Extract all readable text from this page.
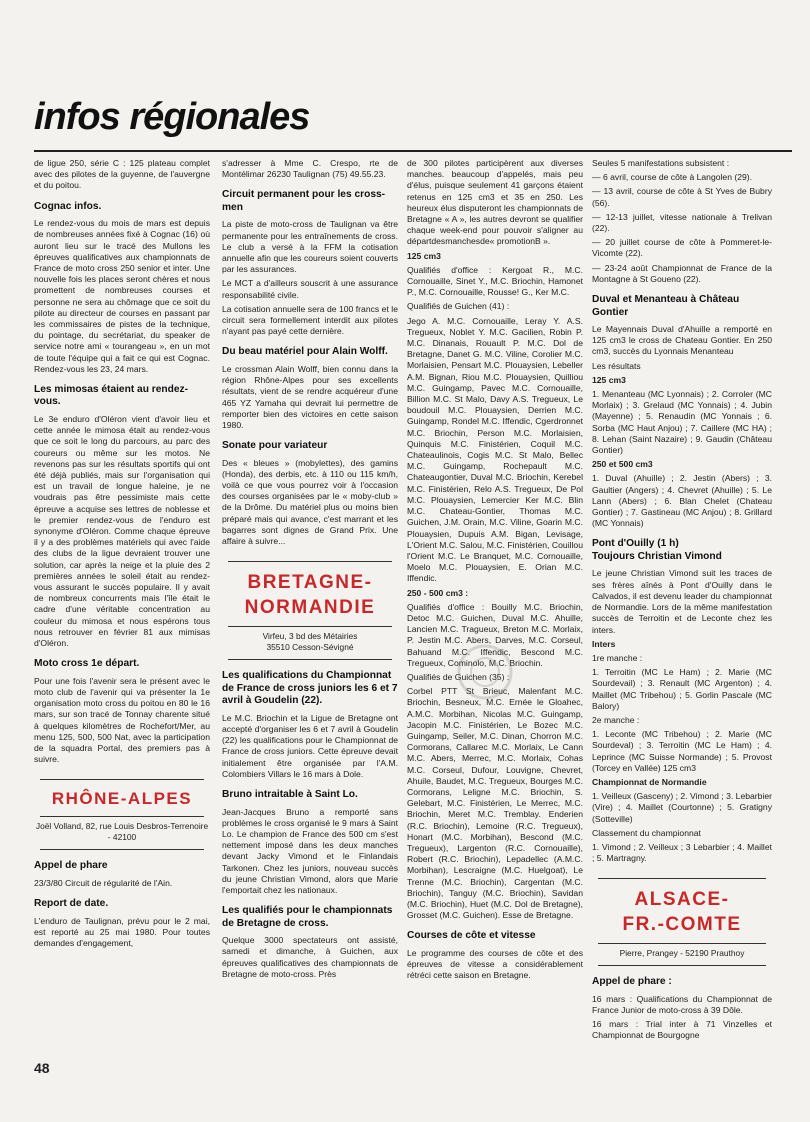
infos régionales

de ligue 250, série C : 125 plateau complet avec des pilotes de la guyenne, de l'auvergne et du poitou.

Cognac infos.

Le rendez-vous du mois de mars est depuis de nombreuses années fixé à Cognac (16) où auront lieu sur le tracé des Mullons les épreuves qualificatives aux championnats de France de moto cross 250 senior et inter. Une nouvelle fois les places seront chères et nous promettent de nombreuses courses et personne ne sera au chômage que ce soit du pilote au directeur de courses en passant par les commissaires de pistes de la technique, du pointage, du secrétariat, du speaker de service notre ami « tourangeau », en un mot de toute l'équipe qui a fait ce qui est Cognac. Rendez-vous les 23, 24 mars.

Les mimosas étaient au rendez-vous.

Le 3e enduro d'Oléron vient d'avoir lieu et cette année le mimosa était au rendez-vous que ce soit le long du parcours, au parc des coureurs ou même sur les motos. Ne revenons pas sur les résultats sportifs qui ont été déjà publiés, mais sur l'organisation qui est un travail de longue haleine, je ne voudrais pas être pessimiste mais cette épreuve a acquise ses lettres de noblesse et le premier rendez-vous de l'enduro est synonyme d'Oléron. Comme chaque épreuve il y a des problèmes matériels qui avec l'aide des clubs de la ligue devraient trouver une solution, car après la neige et la pluie des 2 premières années le soleil était au rendez-vous assurant le succès populaire. Il y avait de nombreux concurrents mais l'île était le cadre d'une véritable concentration au couleur du mimosa et nous espérons tous nous retrouver en février 81 aux mimisas d'Oléron.

Moto cross 1e départ.

Pour une fois l'avenir sera le présent avec le moto club de l'avenir qui va présenter la 1e organisation moto cross du poitou en 80 le 16 mars, sur son tracé de Tonnay charente situé à quelques kilomètres de Rochefort/Mer, au menu 125, 500, 500 Nat, avec la participation de la squadra Portal, des premiers pas à suivre.

RHÔNE-ALPES
Joël Volland, 82, rue Louis Desbros-Terrenoire - 42100
Appel de phare

23/3/80 Circuit de régularité de l'Ain.

Report de date.

L'enduro de Taulignan, prévu pour le 2 mai, est reporté au 25 mai 1980. Pour toutes demandes d'engagement,

s'adresser à Mme C. Crespo, rte de Montélimar 26230 Taulignan (75) 49.55.23.

Circuit permanent pour les cross-men

La piste de moto-cross de Taulignan va être permanente pour les entraînements de cross. Le club a versé à la FFM la cotisation annuelle afin que les coureurs soient couverts par les assurances.

Le MCT a d'ailleurs souscrit à une assurance responsabilité civile.

La cotisation annuelle sera de 100 francs et le circuit sera formellement interdit aux pilotes n'ayant pas payé cette dernière.

Du beau matériel pour Alain Wolff.

Le crossman Alain Wolff, bien connu dans la région Rhône-Alpes pour ses excellents résultats, vient de se rendre acquéreur d'une 465 YZ Yamaha qui devrait lui permettre de remporter bien des victoires en cette saison 1980.

Sonate pour variateur

Des « bleues » (mobylettes), des gamins (Honda), des derbis, etc. à 110 ou 115 km/h, voilà ce que vous pourrez voir à l'occasion des courses organisées par le « moby-club » de la Drôme. Du matériel plus ou moins bien préparé mais qui avance, c'est marrant et les bagarres sont dignes de Grand Prix. Une affaire à suivre...

BRETAGNE-
NORMANDIE
Virfeu, 3 bd des Métairies
35510 Cesson-Sévigné
Les qualifications du Championnat de France de cross juniors les 6 et 7 avril à Goudelin (22).

Le M.C. Briochin et la Ligue de Bretagne ont accepté d'organiser les 6 et 7 avril à Goudelin (22) les qualifications pour le Championnat de France de cross juniors. Cette épreuve devait initialement être organisée par l'A.M. Colombiers Villars le 16 mars à Dole.

Bruno intraitable à Saint Lo.

Jean-Jacques Bruno a remporté sans problèmes le cross organisé le 9 mars à Saint Lo. Le champion de France des 500 cm s'est nettement imposé dans les deux manches devant Jacky Vimond et le Finlandais Tarkonen. Chez les juniors, nouveau succès du jeune Christian Vimond, alors que Marie l'emportait chez les nationaux.

Les qualifiés pour le championnats de Bretagne de cross.

Quelque 3000 spectateurs ont assisté, samedi et dimanche, à Guichen, aux épreuves qualificatives des championnats de Bretagne de moto-cross. Près

de 300 pilotes participèrent aux diverses manches. beaucoup d'appelés, mais peu d'élus, puisque seulement 41 garçons étaient retenus en 125 cm3 et 35 en 250. Les heureux élus disputeront les championnats de Bretagne « A », les autres devront se qualifier chaque week-end pour pouvoir s'aligner au départdesmanchesde« promotionB ».

125 cm3

Qualifiés d'office : Kergoat R., M.C. Cornouaille, Sinet Y., M.C. Briochin, Hamonet P., M.C. Cornouaille, Rousse! G., Ker M.C.

Qualifiés de Guichen (41) :

Jego A. M.C. Cornouaille, Leray Y. A.S. Tregueux, Noblet Y. M.C. Gacilien, Robin P. M.C. Dinanais, Rouault P. M.C. Dol de Bretagne, Danet G. M.C. Viline, Corolier M.C. Morlaisien, Pensart M.C. Plouaysien, Lebeller A.M. Bignan, Riou M.C. Plouaysien, Quilliou M.C. Guingamp, Pavec M.C. Cornouaille, Billion M.C. St Malo, Davy A.S. Tregueux, Le boudouil M.C. Plouaysien, Derrien M.C. Guingamp, Rondel M.C. Iffendic, Cgerdronnet M.C. Briochin, Person M.C. Morlaisien, Quinquis M.C. Finistérien, Coquil M.C. Chateaulinois, Cogis M.C. St Malo, Bellec M.C. Guingamp, Rochepault M.C. Chateaugontier, Duval M.C. Briochin, Kerebel M.C. Finistérien, Relo A.S. Tregueux, De Pol M.C. Plouaysien, Lemercier Ker M.C. Blin M.C. Chateau-Gontier, Thomas M.C. Guichen, J.M. Orain, M.C. Viline, Goarin M.C. Plouaysien, Dupuis A.M. Bigan, Levisage, L'Orient M.C. Salou, M.C. Finistérien, Couillou l'Orient M.C. Le Branquet, M.C. Cornouaille, Moelo M.C. Plouaysien, E. Orian M.C. Iffendic.

250 - 500 cm3 :

Qualifiés d'office : Bouilly M.C. Briochin, Detoc M.C. Guichen, Duval M.C. Ahuille, Lancien M.C. Tragueux, Breton M.C. Morlaix, P. Jestin M.C. Abers, Darves, M.C. Corseul, Bahuand M.C. Iffendic, Bescond M.C. Tregueux, Cominolo, M.C. Briochin.

Qualifiés de Guichen (35) :

Corbel PTT St Brieuc, Malenfant M.C. Briochin, Besneux, M.C. Ernée le Gloahec, A.M.C. Morbihan, Nicolas M.C. Guingamp, Jacopin M.C. Finistérien, Le Bozec M.C. Guingamp, Seiler, M.C. Dinan, Chorron M.C. Cormorans, Callarec M.C. Morlaix, Le Cann M.C. Abers, Merrec, M.C. Morlaix, Cohas M.C. Corseul, Dufour, Louvigne, Chevret, Ahuile, Baudet, M.C. Tregueux, Bourges M.C. Cormorans, Leligne M.C. Briochin, S. Gelebart, M.C. Finistérien, Le Merrec, M.C. Briochin, Meret M.C. Tremblay. Enderien (R.C. Briochin), Lemoine (R.C. Tregueux), Honart (M.C. Morbihan), Bescond (M.C. Tregueux), Largenton (R.C. Cornouaille), Robert (R.C. Briochin), Lepadellec (A.M.C. Morbihan), Lescraigne (M.C. Huelgoat), Le Trenne (M.C. Briochin), Cargentan (M.C. Briochin), Tanguy (M.C. Briochin), Savidan (M.C. Briochin), Huet (M.C. Dol de Bretagne), Grosset (M.C. Guichen). Esse de Bretagne.

Courses de côte et vitesse

Le programme des courses de côte et des épreuves de vitesse a considérablement rétréci cette saison en Bretagne.

Seules 5 manifestations subsistent :

— 6 avril, course de côte à Langolen (29).

— 13 avril, course de côte à St Yves de Bubry (56).

— 12-13 juillet, vitesse nationale à Trelivan (22).

— 20 juillet course de côte à Pommeret-le-Vicomte (22).

— 23-24 août Championnat de France de la Montagne à St Goueno (22).

Duval et Menanteau à Château Gontier

Le Mayennais Duval d'Ahuille a remporté en 125 cm3 le cross de Chateau Gontier. En 250 cm3, succès du Lyonnais Menanteau

Les résultats

125 cm3

1. Menanteau (MC Lyonnais) ; 2. Corroler (MC Morlaix) ; 3. Grelaud (MC Yonnais) ; 4. Jubin (Mayenne) ; 5. Renaudin (MC Yonnais ; 6. Sorba (MC Haut Anjou) ; 7. Caillere (MC HA) ; 8. Lehan (Saint Nazaire) ; 9. Gaudin (Château Gontier)

250 et 500 cm3

1. Duval (Ahuille) ; 2. Jestin (Abers) ; 3. Gaultier (Angers) ; 4. Chevret (Ahuille) ; 5. Le Lann (Abers) ; 6. Blan Chelet (Chateau Gontier) ; 7. Gastineau (MC Anjou) ; 8. Grillard (MC Yonnais)

Pont d'Ouilly (1 h)
Toujours Christian Vimond

Le jeune Christian Vimond suit les traces de ses frères aînés à Pont d'Ouilly dans le Calvados, il est devenu leader du championnat de Normandie. Lors de la même manifestation succès de Terroitin et de Leconte chez les inters.

Inters

1re manche :

1. Terroitin (MC Le Ham) ; 2. Marie (MC Sourdevail) ; 3. Renault (MC Argenton) ; 4. Maillet (MC Tribehou) ; 5. Gorlin Pascale (MC Balory)

2e manche :

1. Leconte (MC Tribehou) ; 2. Marie (MC Sourdeval) ; 3. Terroitin (MC Le Ham) ; 4. Leprince (MC Suisse Normande) ; 5. Provost (Torcey en Vallée) 125 cm3

Championnat de Normandie

1. Veilleux (Gasceny) ; 2. Vimond ; 3. Lebarbier (Vire) ; 4. Maillet (Courtonne) ; 5. Gratigny (Sotteville)

Classement du championnat

1. Vimond ; 2. Veilleux ; 3 Lebarbier ; 4. Maillet ; 5. Martragny.

ALSACE-
FR.-COMTE
Pierre, Prangey - 52190 Prauthoy
Appel de phare :

16 mars : Qualifications du Championnat de France Junior de moto-cross à 39 Dôle.

16 mars : Trial inter à 71 Vinzelles et Championnat de Bourgogne

48
